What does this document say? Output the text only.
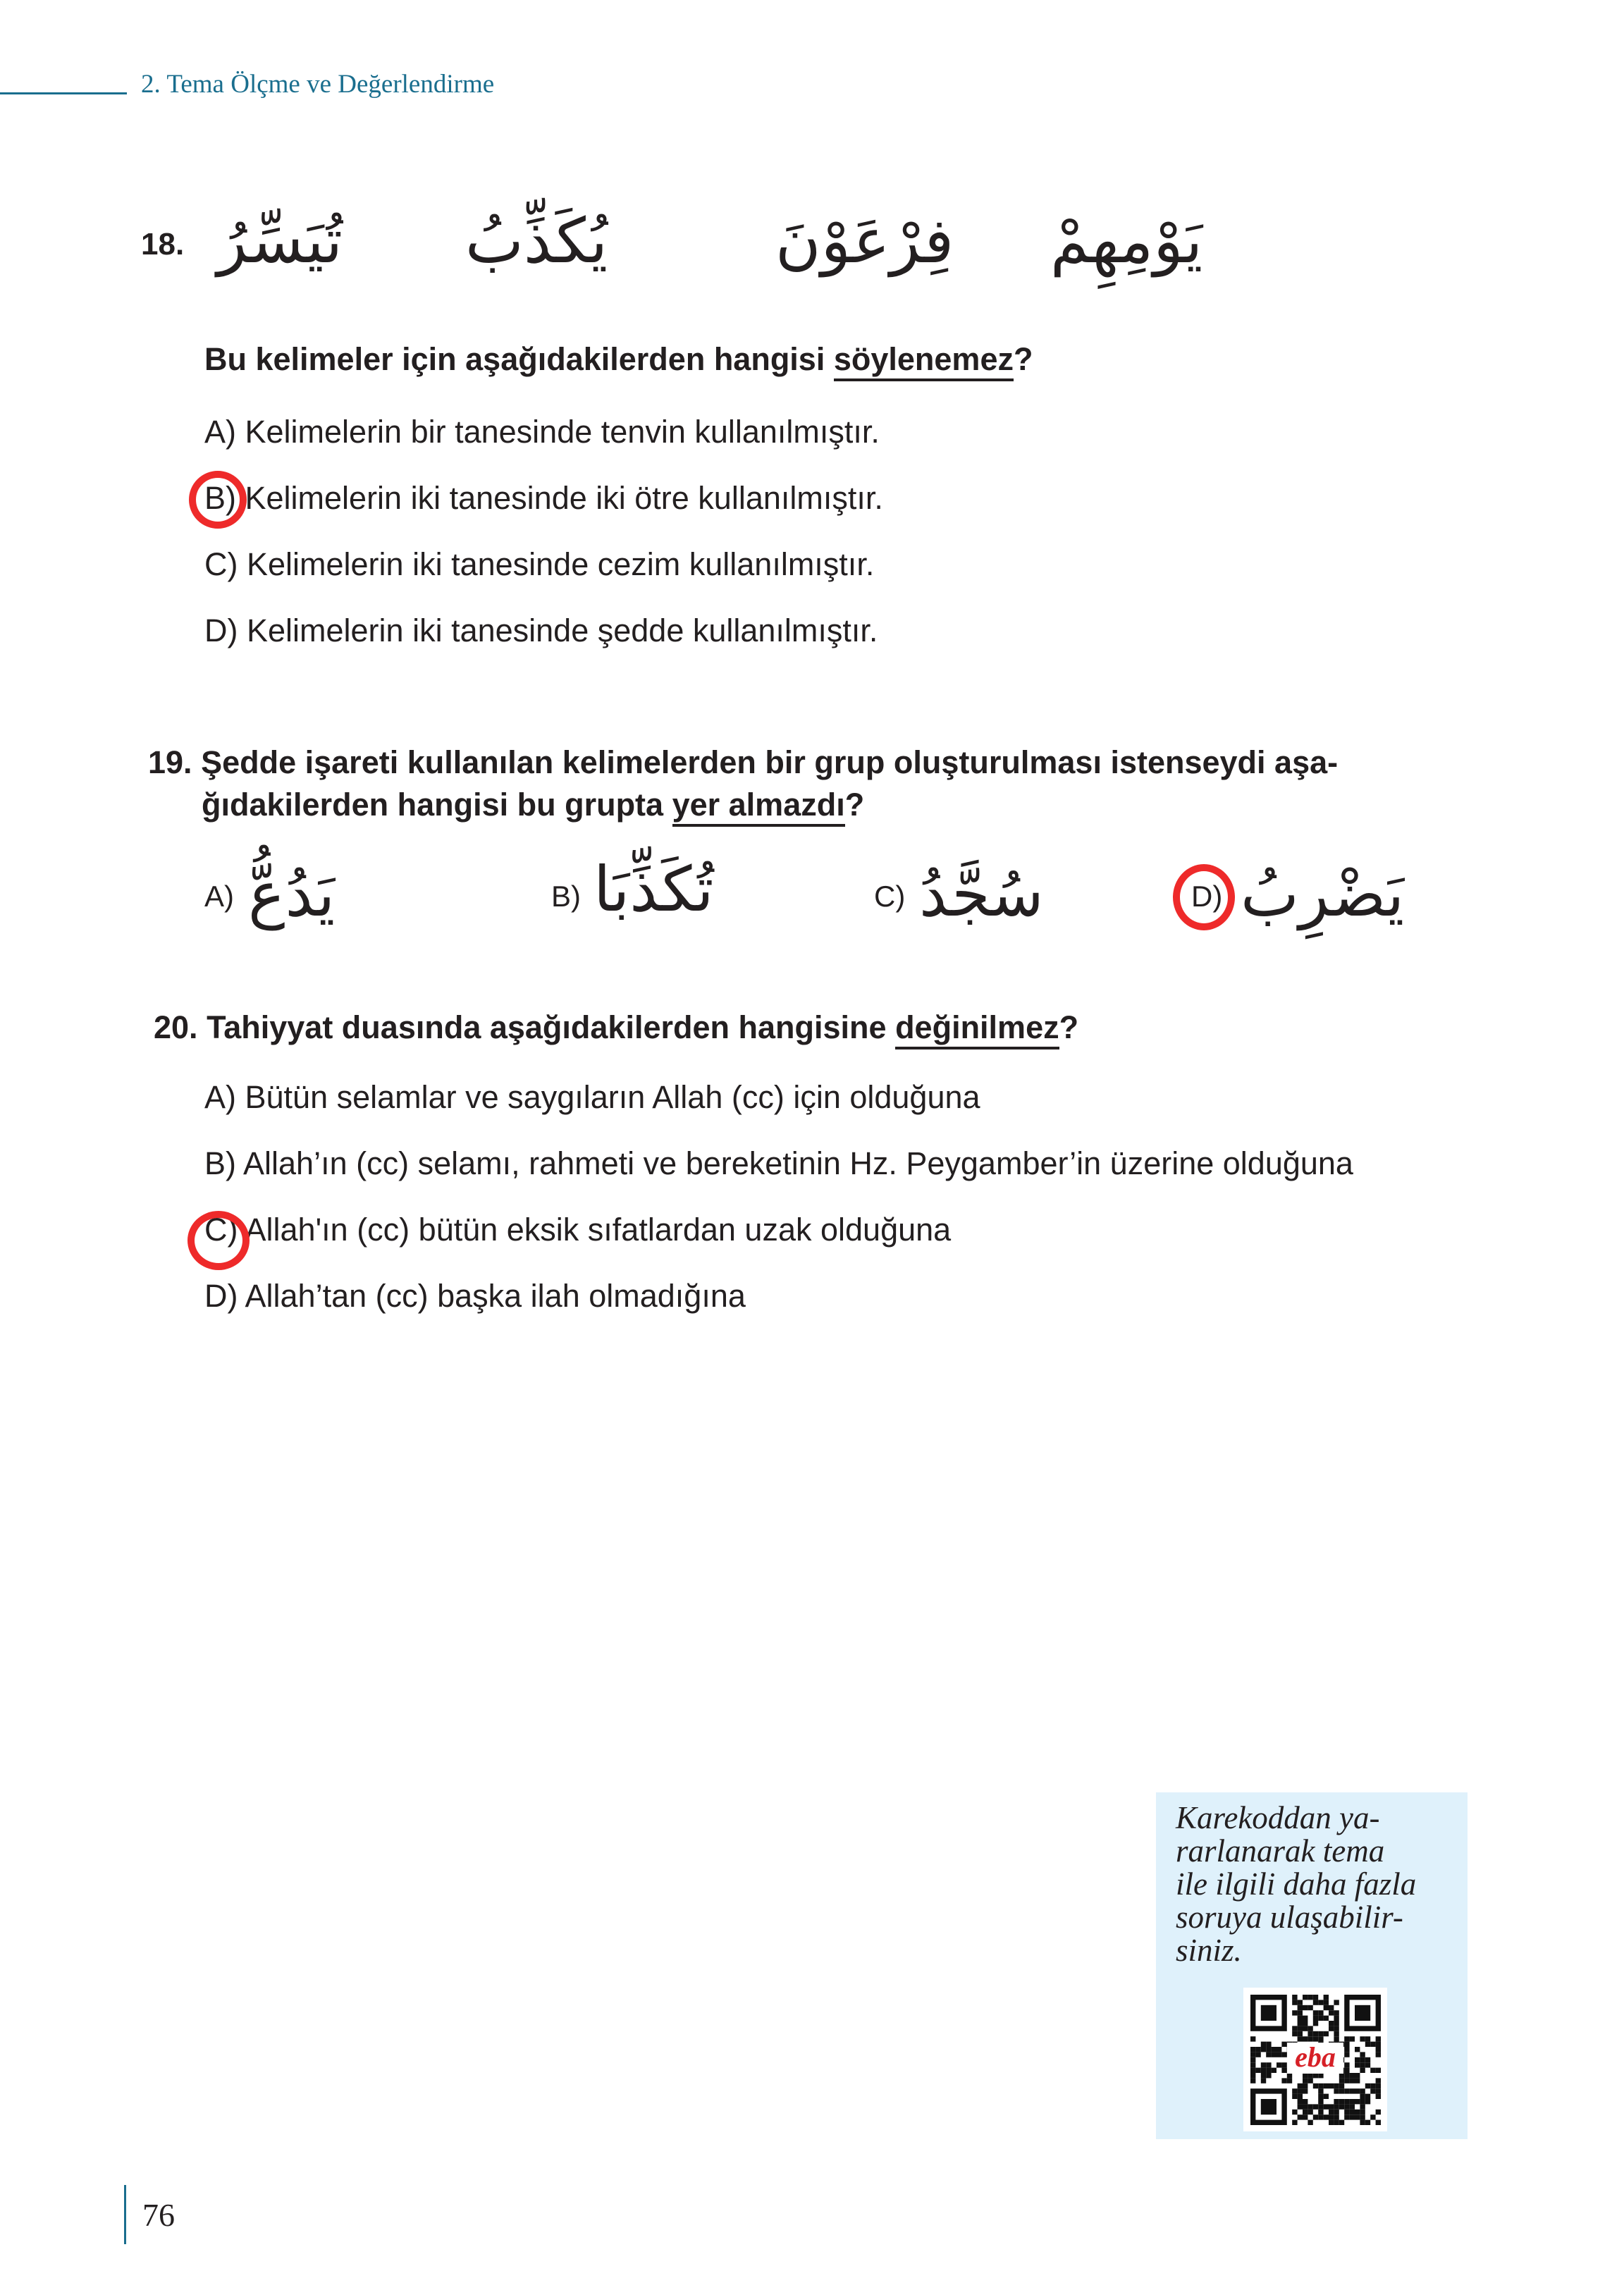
2. Tema Ölçme ve Değerlendirme
18. تُيَسِّرُ يُكَذِّبُ	فِرْعَوْنَ يَوْمِهِمْ
Bu kelimeler için aşağıdakilerden hangisi söylenemez?
A) Kelimelerin bir tanesinde tenvin kullanılmıştır.
B) Kelimelerin iki tanesinde iki ötre kullanılmıştır.
C) Kelimelerin iki tanesinde cezim kullanılmıştır.
D) Kelimelerin iki tanesinde şedde kullanılmıştır.
19. Şedde işareti kullanılan kelimelerden bir grup oluşturulması istenseydi aşa-
ğıdakilerden hangisi bu grupta yer almazdı?
A) يَدُعُّ	B) تُكَذِّبَا	C) سُجَّدُ	D) يَضْرِبُ
20. Tahiyyat duasında aşağıdakilerden hangisine değinilmez?
A) Bütün selamlar ve saygıların Allah (cc) için olduğuna
B) Allah’ın (cc) selamı, rahmeti ve bereketinin Hz. Peygamber’in üzerine olduğuna
C) Allah'ın (cc) bütün eksik sıfatlardan uzak olduğuna
D) Allah’tan (cc) başka ilah olmadığına
Karekoddan ya-
rarlanarak tema
ile ilgili daha fazla
soruya ulaşabilir-
siniz.
eba
76
